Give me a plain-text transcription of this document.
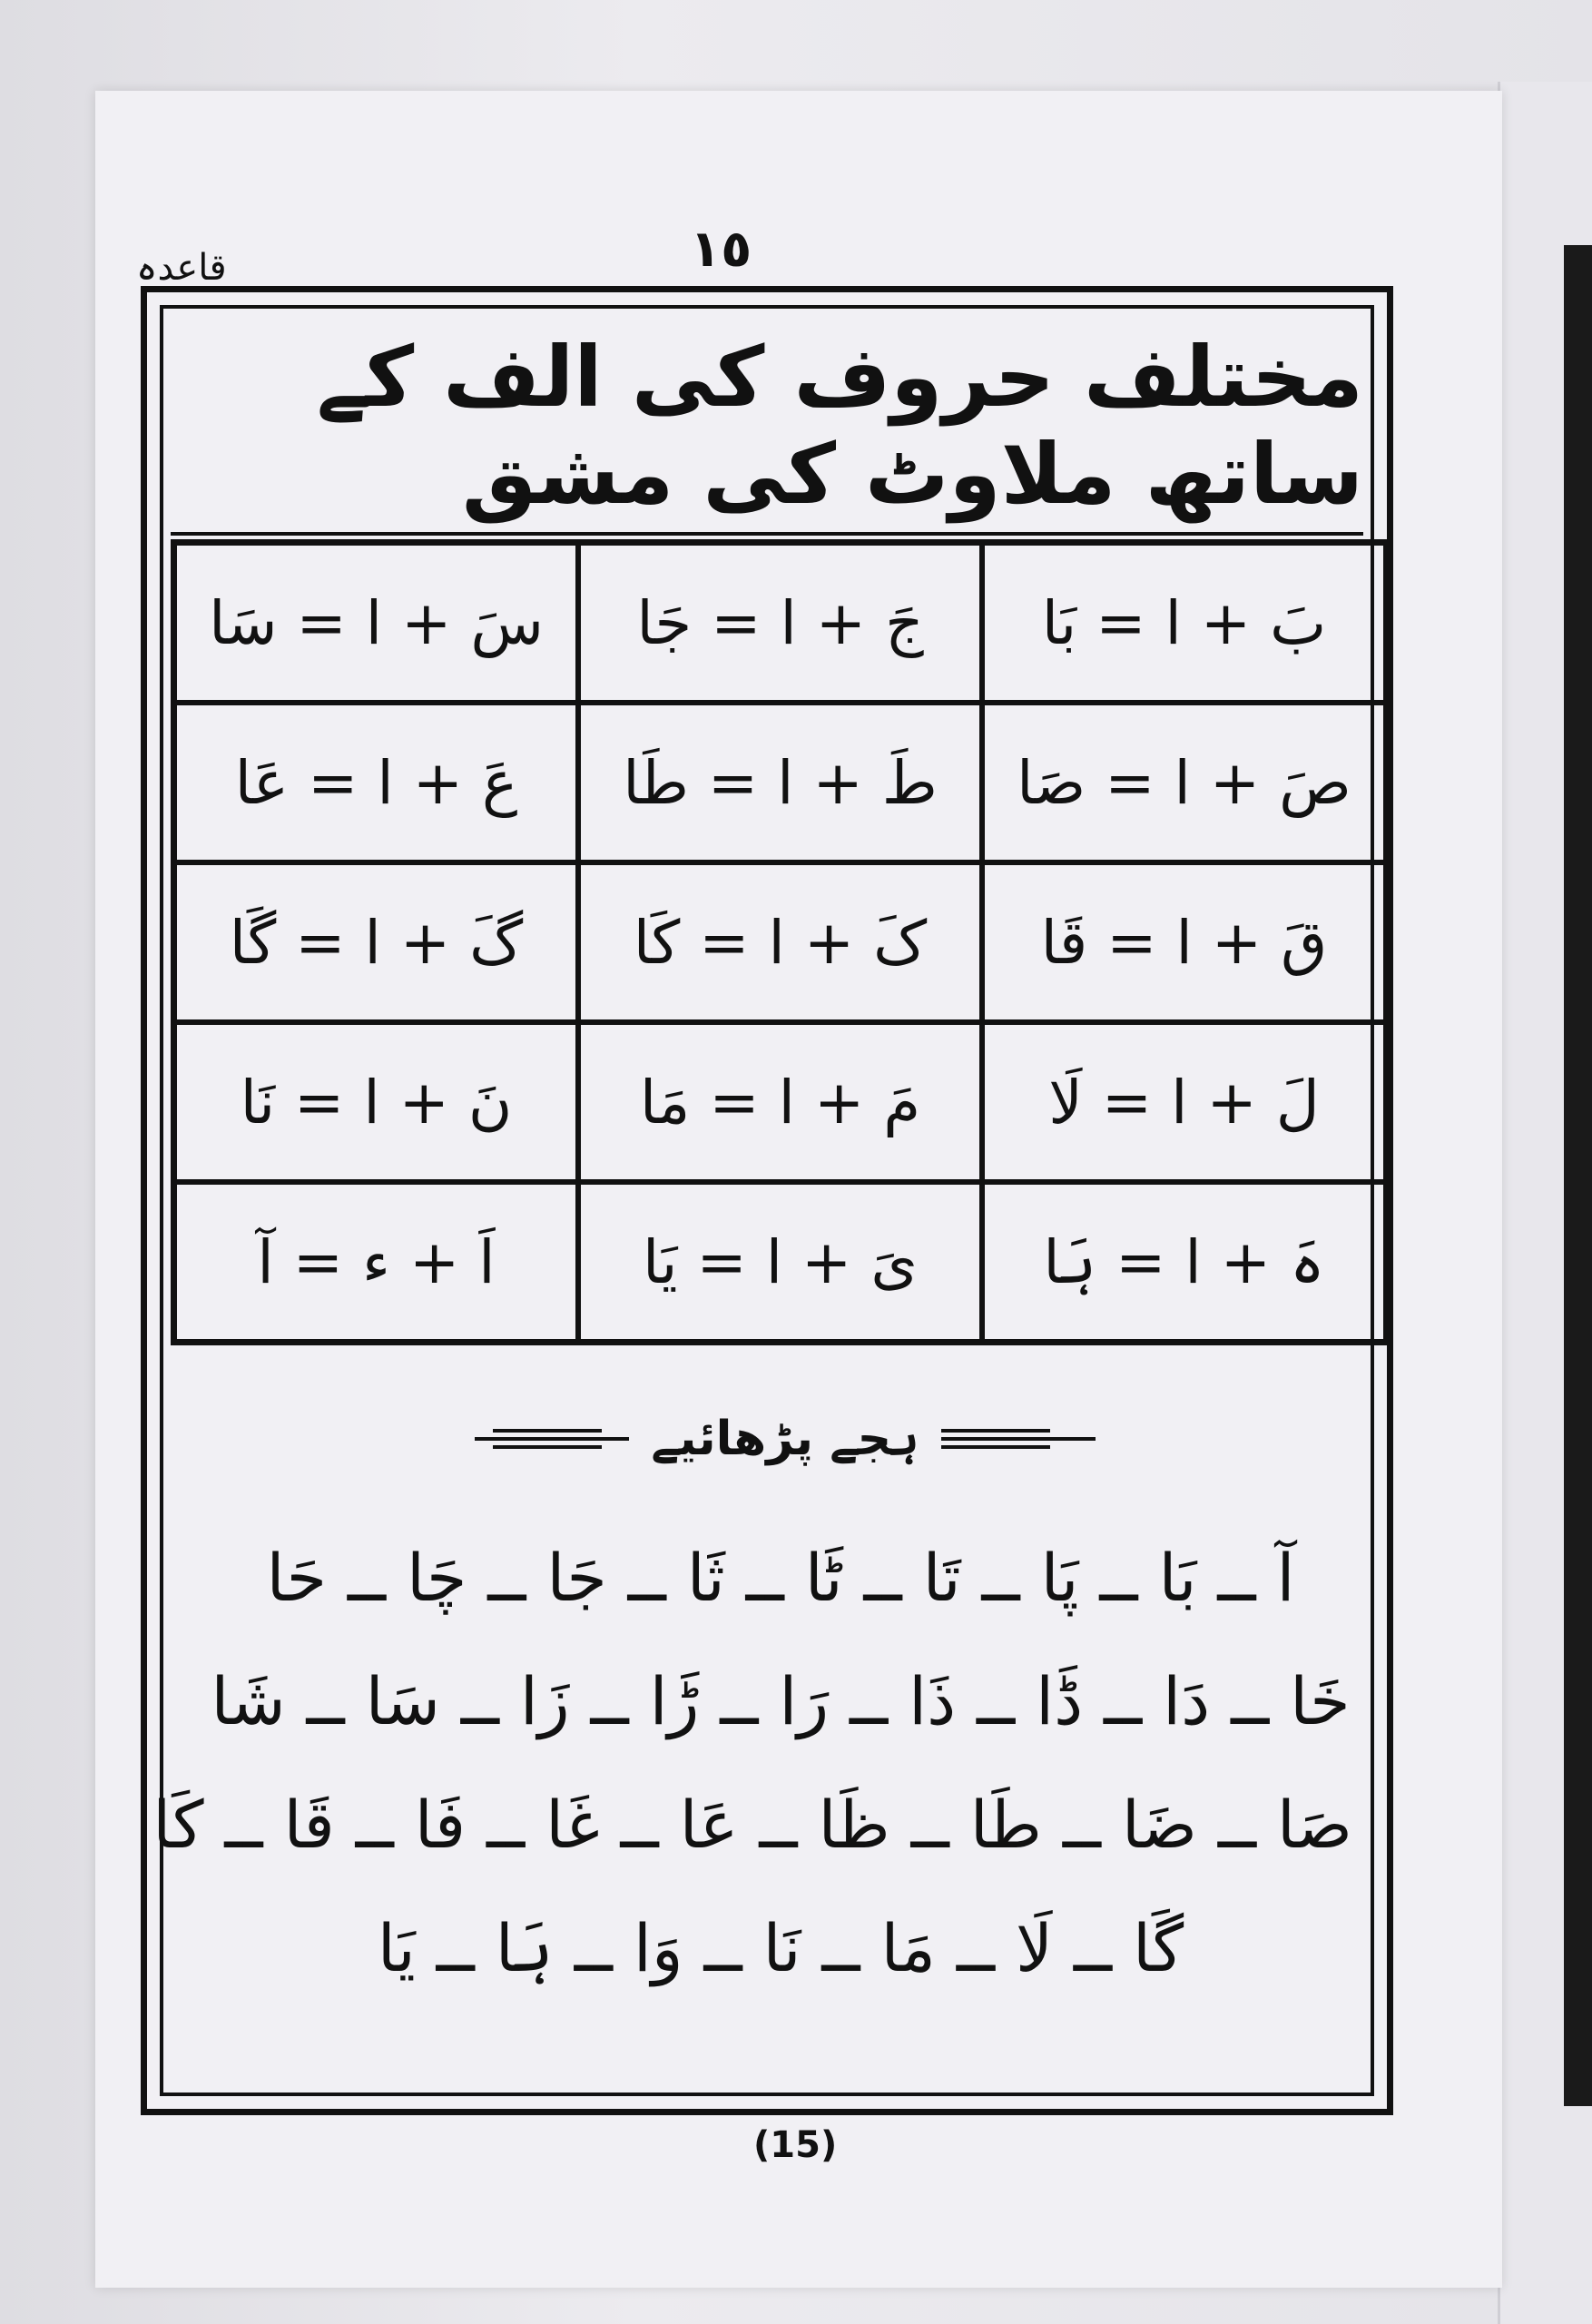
قاعدہ	١٥
مختلف حروف کی الف کے ساتھ ملاوٹ کی مشق
بَ + ا = بَا
جَ + ا = جَا
سَ + ا = سَا
صَ + ا = صَا
طَ + ا = طَا
عَ + ا = عَا
قَ + ا = قَا
کَ + ا = کَا
گَ + ا = گَا
لَ + ا = لَا
مَ + ا = مَا
نَ + ا = نَا
ہَ + ا = ہَا
یَ + ا = یَا
اَ + ء = آ
ہجے پڑھائیے
آ ــ بَا ــ پَا ــ تَا ــ ٹَا ــ ثَا ــ جَا ــ چَا ــ حَا
خَا ــ دَا ــ ڈَا ــ ذَا ــ رَا ــ ڑَا ــ زَا ــ سَا ــ شَا
صَا ــ ضَا ــ طَا ــ ظَا ــ عَا ــ غَا ــ فَا ــ قَا ــ کَا
گَا ــ لَا ــ مَا ــ نَا ــ وَا ــ ہَا ــ یَا
(15)
